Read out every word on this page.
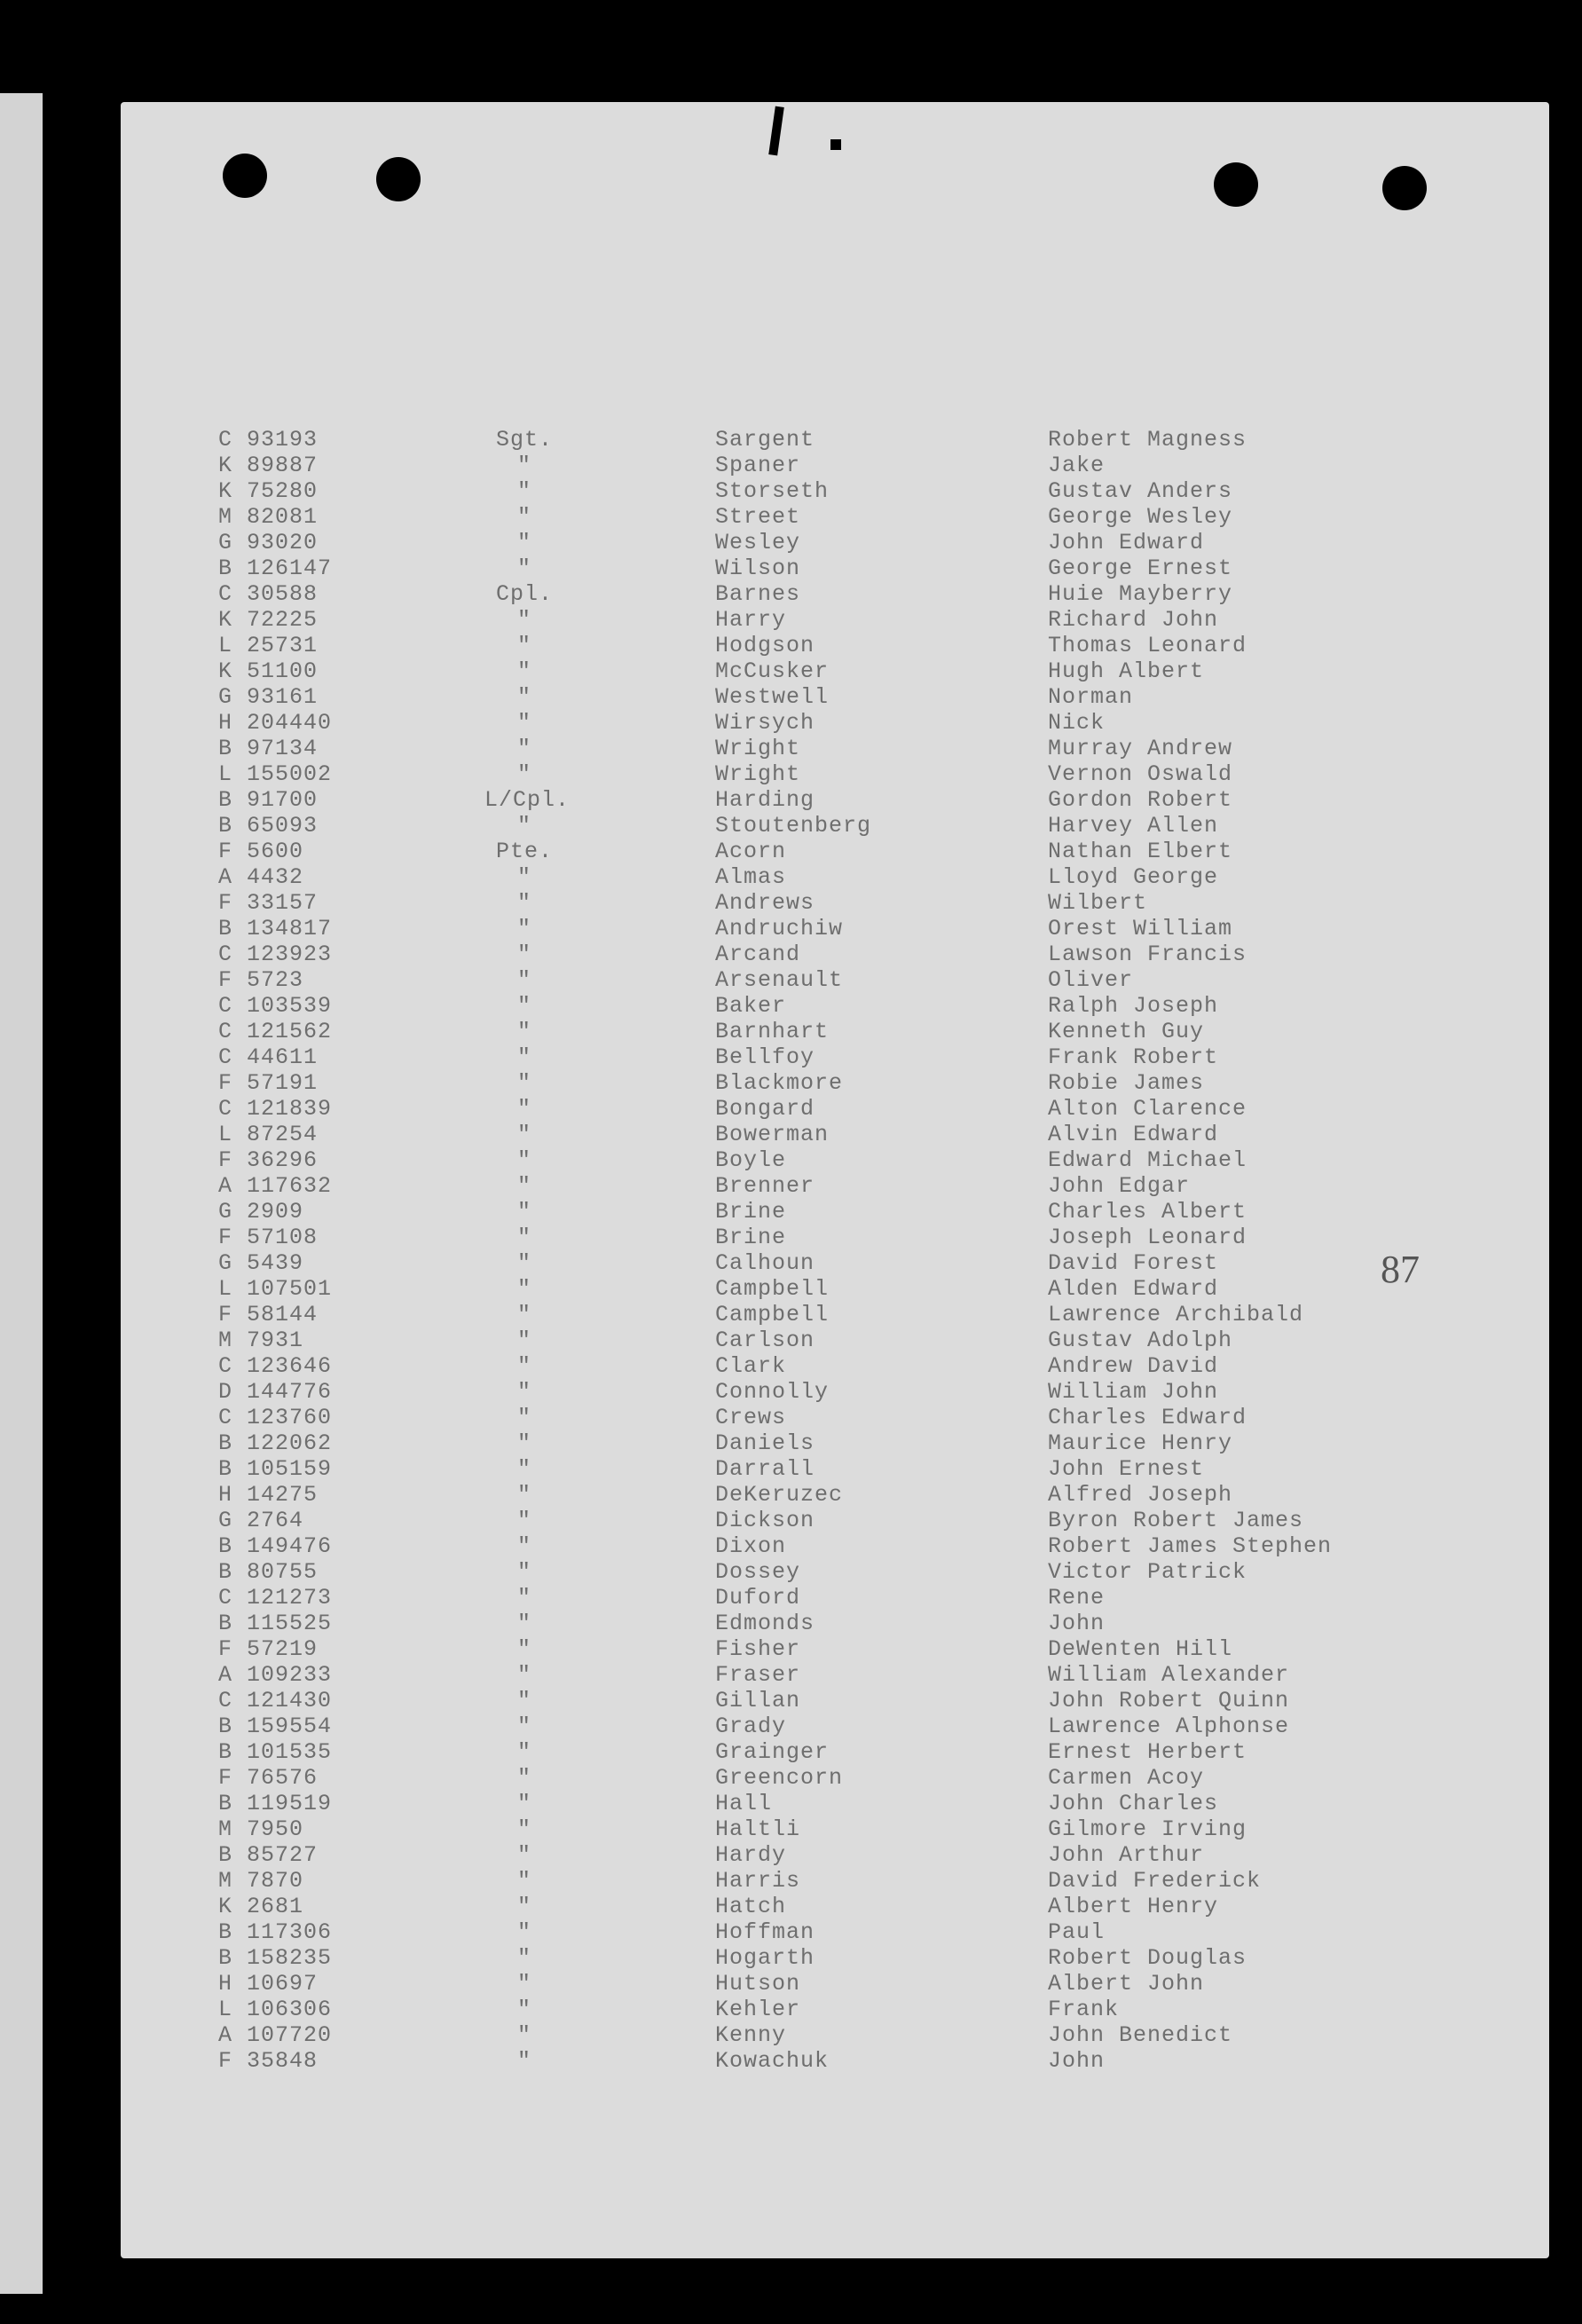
C 93193	Sgt.	Sargent	Robert Magness
K 89887	"	Spaner	Jake
K 75280	"	Storseth	Gustav Anders
M 82081	"	Street	George Wesley
G 93020	"	Wesley	John Edward
B 126147	"	Wilson	George Ernest
C 30588	Cpl.	Barnes	Huie Mayberry
K 72225	"	Harry	Richard John
L 25731	"	Hodgson	Thomas Leonard
K 51100	"	McCusker	Hugh Albert
G 93161	"	Westwell	Norman
H 204440	"	Wirsych	Nick
B 97134	"	Wright	Murray Andrew
L 155002	"	Wright	Vernon Oswald
B 91700	L/Cpl.	Harding	Gordon Robert
B 65093	"	Stoutenberg	Harvey Allen
F 5600	Pte.	Acorn	Nathan Elbert
A 4432	"	Almas	Lloyd George
F 33157	"	Andrews	Wilbert
B 134817	"	Andruchiw	Orest William
C 123923	"	Arcand	Lawson Francis
F 5723	"	Arsenault	Oliver
C 103539	"	Baker	Ralph Joseph
C 121562	"	Barnhart	Kenneth Guy
C 44611	"	Bellfoy	Frank Robert
F 57191	"	Blackmore	Robie James
C 121839	"	Bongard	Alton Clarence
L 87254	"	Bowerman	Alvin Edward
F 36296	"	Boyle	Edward Michael
A 117632	"	Brenner	John Edgar
G 2909	"	Brine	Charles Albert
F 57108	"	Brine	Joseph Leonard
G 5439	"	Calhoun	David Forest
L 107501	"	Campbell	Alden Edward
F 58144	"	Campbell	Lawrence Archibald
M 7931	"	Carlson	Gustav Adolph
C 123646	"	Clark	Andrew David
D 144776	"	Connolly	William John
C 123760	"	Crews	Charles Edward
B 122062	"	Daniels	Maurice Henry
B 105159	"	Darrall	John Ernest
H 14275	"	DeKeruzec	Alfred Joseph
G 2764	"	Dickson	Byron Robert James
B 149476	"	Dixon	Robert James Stephen
B 80755	"	Dossey	Victor Patrick
C 121273	"	Duford	Rene
B 115525	"	Edmonds	John
F 57219	"	Fisher	DeWenten Hill
A 109233	"	Fraser	William Alexander
C 121430	"	Gillan	John Robert Quinn
B 159554	"	Grady	Lawrence Alphonse
B 101535	"	Grainger	Ernest Herbert
F 76576	"	Greencorn	Carmen Acoy
B 119519	"	Hall	John Charles
M 7950	"	Haltli	Gilmore Irving
B 85727	"	Hardy	John Arthur
M 7870	"	Harris	David Frederick
K 2681	"	Hatch	Albert Henry
B 117306	"	Hoffman	Paul
B 158235	"	Hogarth	Robert Douglas
H 10697	"	Hutson	Albert John
L 106306	"	Kehler	Frank
A 107720	"	Kenny	John Benedict
F 35848	"	Kowachuk	John
87
